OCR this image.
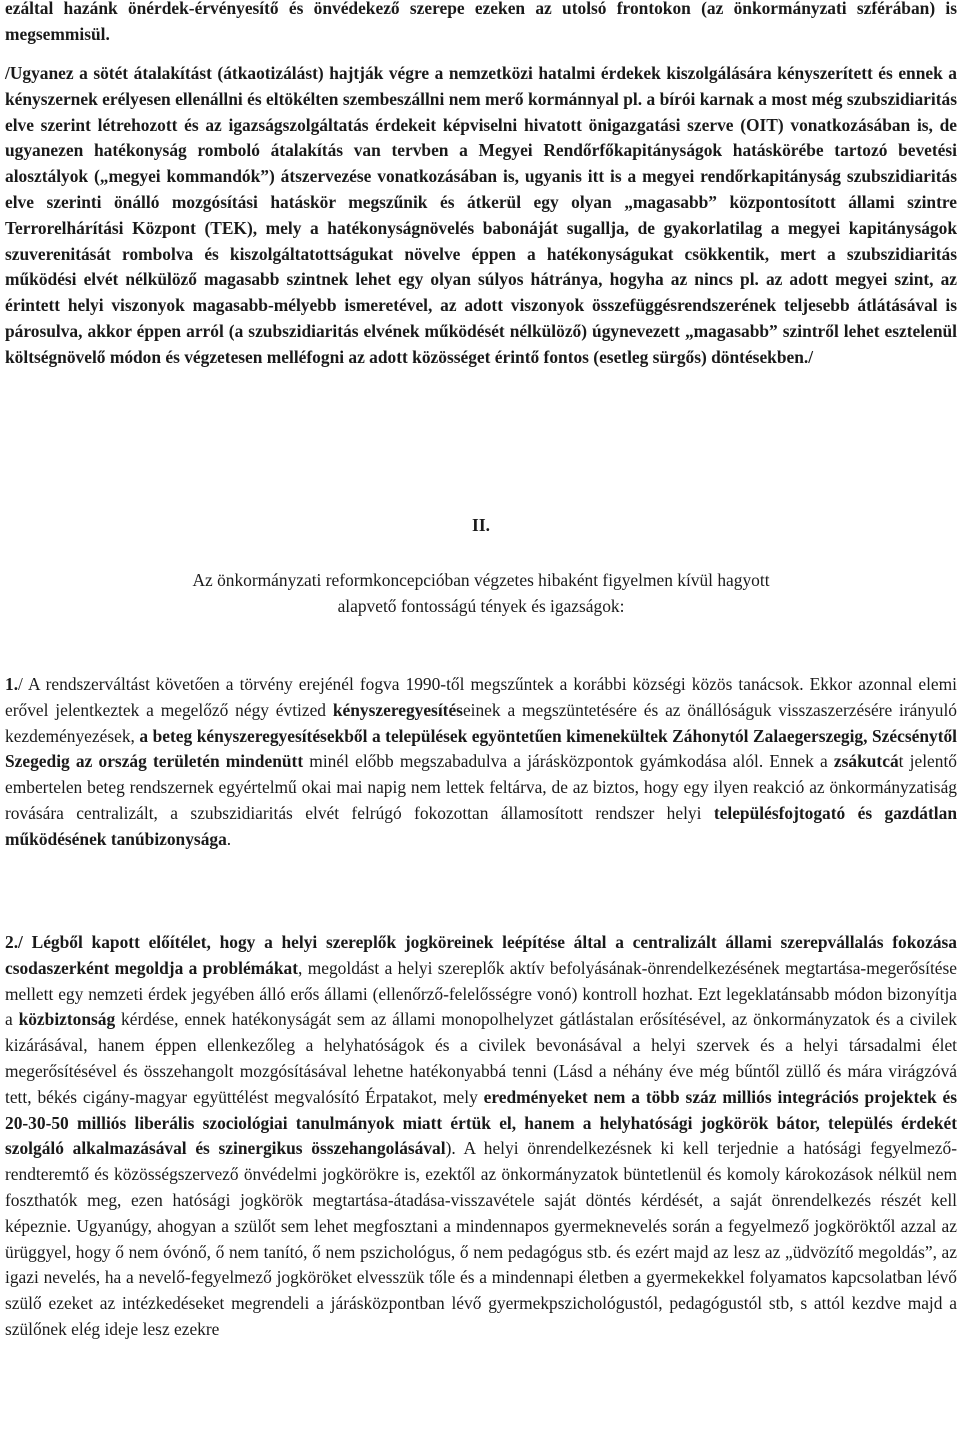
ezáltal hazánk önérdek-érvényesítő és önvédekező szerepe ezeken az utolsó frontokon (az önkormányzati szférában) is megsemmisül.

/Ugyanez a sötét átalakítást (átkaotizálást) hajtják végre a nemzetközi hatalmi érdekek kiszolgálására kényszerített és ennek a kényszernek erélyesen ellenállni és eltökélten szembeszállni nem merő kormánnyal pl. a bírói karnak a most még szubszidiaritás elve szerint létrehozott és az igazságszolgáltatás érdekeit képviselni hivatott önigazgatási szerve (OIT) vonatkozásában is, de ugyanezen hatékonyság romboló átalakítás van tervben a Megyei Rendőrfőkapitányságok hatáskörébe tartozó bevetési alosztályok („megyei kommandók”) átszervezése vonatkozásában is, ugyanis itt is a megyei rendőrkapitányság szubszidiaritás elve szerinti önálló mozgósítási hatáskör megszűnik és átkerül egy olyan „magasabb” központosított állami szintre Terrorelhárítási Központ (TEK), mely a hatékonyságnövelés babonáját sugallja, de gyakorlatilag a megyei kapitányságok szuverenitását rombolva és kiszolgáltatottságukat növelve éppen a hatékonyságukat csökkentik, mert a szubszidiaritás működési elvét nélkülöző magasabb szintnek lehet egy olyan súlyos hátránya, hogyha az nincs pl. az adott megyei szint, az érintett helyi viszonyok magasabb-mélyebb ismeretével, az adott viszonyok összefüggésrendszerének teljesebb átlátásával is párosulva, akkor éppen arról (a szubszidiaritás elvének működését nélkülöző) úgynevezett „magasabb” szintről lehet esztelenül költségnövelő módon és végzetesen melléfogni az adott közösséget érintő fontos (esetleg sürgős) döntésekben./

II.
Az önkormányzati reformkoncepcióban végzetes hibaként figyelmen kívül hagyott
alapvető fontosságú tények és igazságok:

1./ A rendszerváltást követően a törvény erejénél fogva 1990-től megszűntek a korábbi községi közös tanácsok. Ekkor azonnal elemi erővel jelentkeztek a megelőző négy évtized kényszeregyesítéseinek a megszüntetésére és az önállóságuk visszaszerzésére irányuló kezdeményezések, a beteg kényszeregyesítésekből a települések egyöntetűen kimenekültek Záhonytól Zalaegerszegig, Szécsénytől Szegedig az ország területén mindenütt minél előbb megszabadulva a járásközpontok gyámkodása alól. Ennek a zsákutcát jelentő embertelen beteg rendszernek egyértelmű okai mai napig nem lettek feltárva, de az biztos, hogy egy ilyen reakció az önkormányzatiság rovására centralizált, a szubszidiaritás elvét felrúgó fokozottan államosított rendszer helyi településfojtogató és gazdátlan működésének tanúbizonysága.

2./ Légből kapott előítélet, hogy a helyi szereplők jogköreinek leépítése által a centralizált állami szerepvállalás fokozása csodaszerként megoldja a problémákat, megoldást a helyi szereplők aktív befolyásának-önrendelkezésének megtartása-megerősítése mellett egy nemzeti érdek jegyében álló erős állami (ellenőrző-felelősségre vonó) kontroll hozhat. Ezt legeklatánsabb módon bizonyítja a közbiztonság kérdése, ennek hatékonyságát sem az állami monopolhelyzet gátlástalan erősítésével, az önkormányzatok és a civilek kizárásával, hanem éppen ellenkezőleg a helyhatóságok és a civilek bevonásával a helyi szervek és a helyi társadalmi élet megerősítésével és összehangolt mozgósításával lehetne hatékonyabbá tenni (Lásd a néhány éve még bűntől züllő és mára virágzóvá tett, békés cigány-magyar együttélést megvalósító Érpatakot, mely eredményeket nem a több száz milliós integrációs projektek és 20-30-50 milliós liberális szociológiai tanulmányok miatt értük el, hanem a helyhatósági jogkörök bátor, település érdekét szolgáló alkalmazásával és szinergikus összehangolásával). A helyi önrendelkezésnek ki kell terjednie a hatósági fegyelmező-rendteremtő és közösségszervező önvédelmi jogkörökre is, ezektől az önkormányzatok büntetlenül és komoly károkozások nélkül nem foszthatók meg, ezen hatósági jogkörök megtartása-átadása-visszavétele saját döntés kérdését, a saját önrendelkezés részét kell képeznie. Ugyanúgy, ahogyan a szülőt sem lehet megfosztani a mindennapos gyermeknevelés során a fegyelmező jogköröktől azzal az ürüggyel, hogy ő nem óvónő, ő nem tanító, ő nem pszichológus, ő nem pedagógus stb. és ezért majd az lesz az „üdvözítő megoldás”, az igazi nevelés, ha a nevelő-fegyelmező jogköröket elvesszük tőle és a mindennapi életben a gyermekekkel folyamatos kapcsolatban lévő szülő ezeket az intézkedéseket megrendeli a járásközpontban lévő gyermekpszichológustól, pedagógustól stb, s attól kezdve majd a szülőnek elég ideje lesz ezekre
